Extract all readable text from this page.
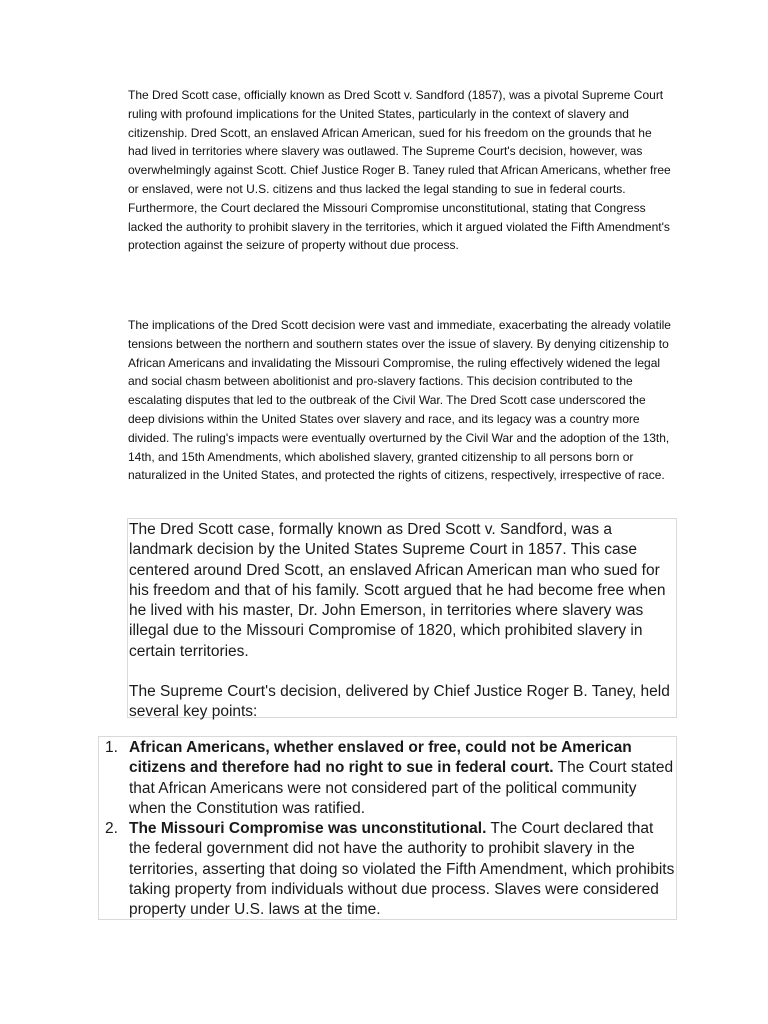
The Dred Scott case, officially known as Dred Scott v. Sandford (1857), was a pivotal Supreme Court ruling with profound implications for the United States, particularly in the context of slavery and citizenship. Dred Scott, an enslaved African American, sued for his freedom on the grounds that he had lived in territories where slavery was outlawed. The Supreme Court's decision, however, was overwhelmingly against Scott. Chief Justice Roger B. Taney ruled that African Americans, whether free or enslaved, were not U.S. citizens and thus lacked the legal standing to sue in federal courts. Furthermore, the Court declared the Missouri Compromise unconstitutional, stating that Congress lacked the authority to prohibit slavery in the territories, which it argued violated the Fifth Amendment's protection against the seizure of property without due process.

The implications of the Dred Scott decision were vast and immediate, exacerbating the already volatile tensions between the northern and southern states over the issue of slavery. By denying citizenship to African Americans and invalidating the Missouri Compromise, the ruling effectively widened the legal and social chasm between abolitionist and pro-slavery factions. This decision contributed to the escalating disputes that led to the outbreak of the Civil War. The Dred Scott case underscored the deep divisions within the United States over slavery and race, and its legacy was a country more divided. The ruling's impacts were eventually overturned by the Civil War and the adoption of the 13th, 14th, and 15th Amendments, which abolished slavery, granted citizenship to all persons born or naturalized in the United States, and protected the rights of citizens, respectively, irrespective of race.

The Dred Scott case, formally known as Dred Scott v. Sandford, was a landmark decision by the United States Supreme Court in 1857. This case centered around Dred Scott, an enslaved African American man who sued for his freedom and that of his family. Scott argued that he had become free when he lived with his master, Dr. John Emerson, in territories where slavery was illegal due to the Missouri Compromise of 1820, which prohibited slavery in certain territories.

The Supreme Court's decision, delivered by Chief Justice Roger B. Taney, held several key points:

1. African Americans, whether enslaved or free, could not be American citizens and therefore had no right to sue in federal court. The Court stated that African Americans were not considered part of the political community when the Constitution was ratified.
2. The Missouri Compromise was unconstitutional. The Court declared that the federal government did not have the authority to prohibit slavery in the territories, asserting that doing so violated the Fifth Amendment, which prohibits taking property from individuals without due process. Slaves were considered property under U.S. laws at the time.
